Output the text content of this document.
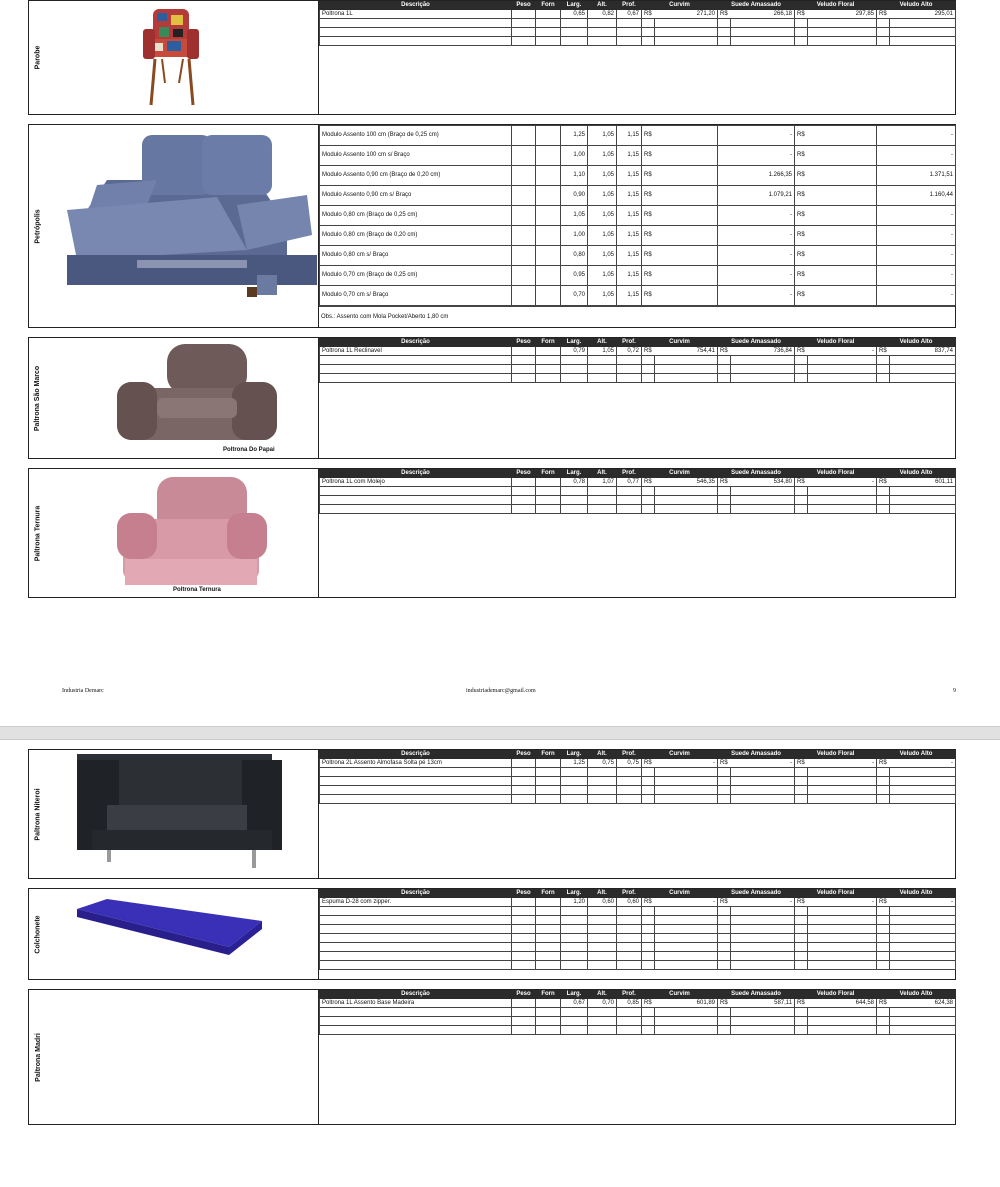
Parobe
Descrição	Peso	Forn	Larg.	Alt.	Prof.	Curvim		Suede Amassado		Veludo Floral		Veludo Alto	
Poltrona 1L			0,65	0,82	0,67	R$	271,20	R$	266,18	R$	297,85	R$	295,01

Petrópolis
Modulo Assento 100 cm (Braço de 0,25 cm)			1,25	1,05	1,15	R$			-	R$			-
Modulo Assento 100 cm s/ Braço			1,00	1,05	1,15	R$			-	R$			-
Modulo Assento 0,90 cm (Braço de 0,20 cm)			1,10	1,05	1,15	R$			1.266,35	R$			1.371,51
Modulo Assento 0,90 cm s/ Braço			0,90	1,05	1,15	R$			1.079,21	R$			1.160,44
Modulo 0,80 cm (Braço de 0,25 cm)			1,05	1,05	1,15	R$			-	R$			-
Modulo 0,80 cm (Braço de 0,20 cm)			1,00	1,05	1,15	R$			-	R$			-
Modulo 0,80 cm s/ Braço			0,80	1,05	1,15	R$			-	R$			-
Modulo 0,70 cm (Braço de 0,25 cm)			0,95	1,05	1,15	R$			-	R$			-
Modulo 0,70 cm s/ Braço			0,70	1,05	1,15	R$			-	R$			-
Obs.: Assento com Mola Pocket/Aberto 1,80 cm
Paltrona São Marco
Poltrona Do Papai
Descrição	Peso	Forn	Larg.	Alt.	Prof.	Curvim		Suede Amassado		Veludo Floral		Veludo Alto	
Poltrona 1L Reclinavel			0,79	1,05	0,72	R$	754,41	R$	736,84	R$	-	R$	837,74

Paltrona Ternura
Poltrona Ternura
Descrição	Peso	Forn	Larg.	Alt.	Prof.	Curvim		Suede Amassado		Veludo Floral		Veludo Alto	
Poltrona 1L com Molejo			0,78	1,07	0,77	R$	546,35	R$	534,80	R$	-	R$	601,11

Industria Demarc	industriademarc@gmail.com	9
Paltrona Niteroi
Descrição	Peso	Forn	Larg.	Alt.	Prof.	Curvim		Suede Amassado		Veludo Floral		Veludo Alto	
Poltrona 2L Assento Almofasa Solta pé 13cm			1,25	0,75	0,75	R$	-	R$	-	R$	-	R$	-

Colchonete
Descrição	Peso	Forn	Larg.	Alt.	Prof.	Curvim		Suede Amassado		Veludo Floral		Veludo Alto	
Espuma D-28 com zipper.			1,20	0,60	0,60	R$	-	R$	-	R$	-	R$	-

Paltrona Madri
Descrição	Peso	Forn	Larg.	Alt.	Prof.	Curvim		Suede Amassado		Veludo Floral		Veludo Alto	
Poltrona 1L Assento Base Madeira			0,67	0,70	0,85	R$	601,89	R$	587,11	R$	644,58	R$	624,38
